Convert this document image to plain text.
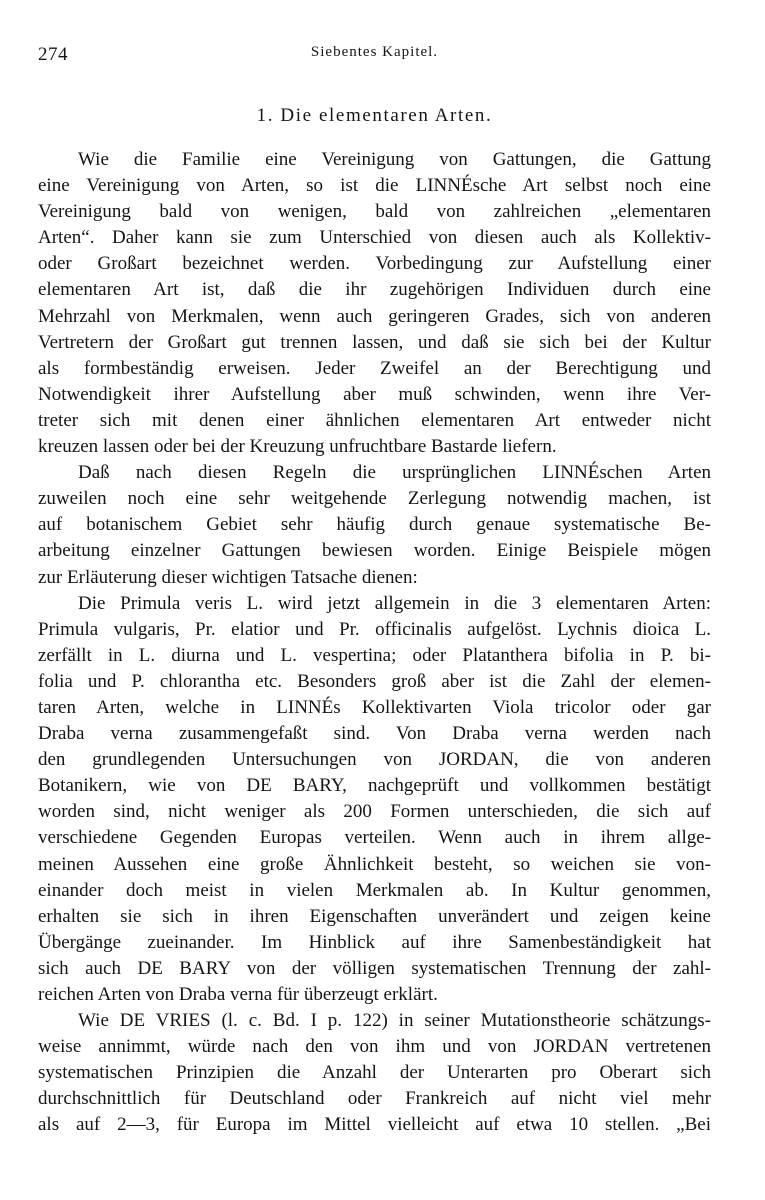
274	Siebentes Kapitel.
1. Die elementaren Arten.
Wie die Familie eine Vereinigung von Gattungen, die Gattung
eine Vereinigung von Arten, so ist die LINNÉsche Art selbst noch eine
Vereinigung bald von wenigen, bald von zahlreichen „elementaren
Arten“. Daher kann sie zum Unterschied von diesen auch als Kollektiv-
oder Großart bezeichnet werden. Vorbedingung zur Aufstellung einer
elementaren Art ist, daß die ihr zugehörigen Individuen durch eine
Mehrzahl von Merkmalen, wenn auch geringeren Grades, sich von anderen
Vertretern der Großart gut trennen lassen, und daß sie sich bei der Kultur
als formbeständig erweisen. Jeder Zweifel an der Berechtigung und
Notwendigkeit ihrer Aufstellung aber muß schwinden, wenn ihre Ver-
treter sich mit denen einer ähnlichen elementaren Art entweder nicht
kreuzen lassen oder bei der Kreuzung unfruchtbare Bastarde liefern.
Daß nach diesen Regeln die ursprünglichen LINNÉschen Arten
zuweilen noch eine sehr weitgehende Zerlegung notwendig machen, ist
auf botanischem Gebiet sehr häufig durch genaue systematische Be-
arbeitung einzelner Gattungen bewiesen worden. Einige Beispiele mögen
zur Erläuterung dieser wichtigen Tatsache dienen:
Die Primula veris L. wird jetzt allgemein in die 3 elementaren Arten:
Primula vulgaris, Pr. elatior und Pr. officinalis aufgelöst. Lychnis dioica L.
zerfällt in L. diurna und L. vespertina; oder Platanthera bifolia in P. bi-
folia und P. chlorantha etc. Besonders groß aber ist die Zahl der elemen-
taren Arten, welche in LINNÉs Kollektivarten Viola tricolor oder gar
Draba verna zusammengefaßt sind. Von Draba verna werden nach
den grundlegenden Untersuchungen von JORDAN, die von anderen
Botanikern, wie von DE BARY, nachgeprüft und vollkommen bestätigt
worden sind, nicht weniger als 200 Formen unterschieden, die sich auf
verschiedene Gegenden Europas verteilen. Wenn auch in ihrem allge-
meinen Aussehen eine große Ähnlichkeit besteht, so weichen sie von-
einander doch meist in vielen Merkmalen ab. In Kultur genommen,
erhalten sie sich in ihren Eigenschaften unverändert und zeigen keine
Übergänge zueinander. Im Hinblick auf ihre Samenbeständigkeit hat
sich auch DE BARY von der völligen systematischen Trennung der zahl-
reichen Arten von Draba verna für überzeugt erklärt.
Wie DE VRIES (l. c. Bd. I p. 122) in seiner Mutationstheorie schätzungs-
weise annimmt, würde nach den von ihm und von JORDAN vertretenen
systematischen Prinzipien die Anzahl der Unterarten pro Oberart sich
durchschnittlich für Deutschland oder Frankreich auf nicht viel mehr
als auf 2—3, für Europa im Mittel vielleicht auf etwa 10 stellen. „Bei
